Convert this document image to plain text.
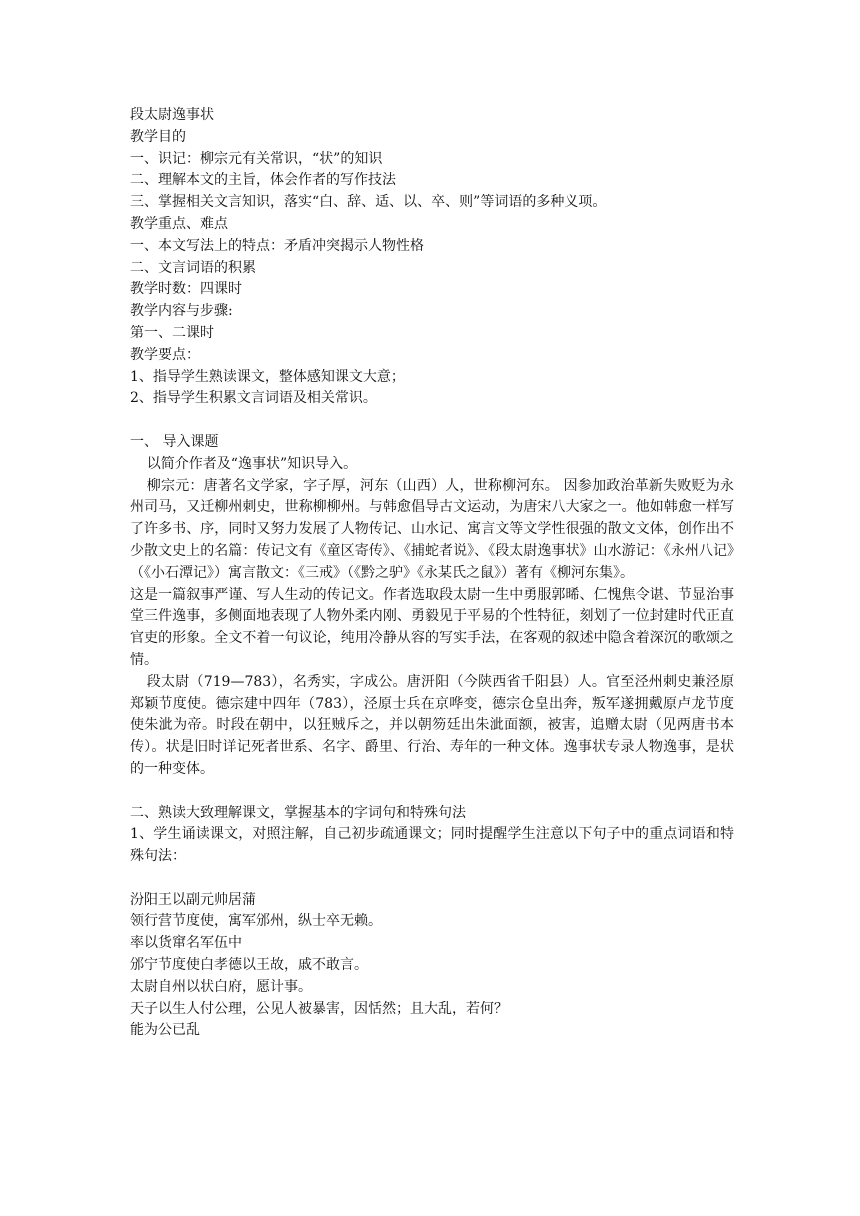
段太尉逸事状

教学目的

一、识记：柳宗元有关常识，“状”的知识

二、理解本文的主旨，体会作者的写作技法

三、掌握相关文言知识，落实“白、辞、适、以、卒、则”等词语的多种义项。

教学重点、难点

一、本文写法上的特点：矛盾冲突揭示人物性格

二、文言词语的积累

教学时数：四课时

教学内容与步骤:

第一、二课时

教学要点：

1、指导学生熟读课文，整体感知课文大意；

2、指导学生积累文言词语及相关常识。

一、 导入课题

以简介作者及“逸事状”知识导入。

柳宗元：唐著名文学家，字子厚，河东（山西）人，世称柳河东。 因参加政治革新失败贬为永州司马，又迁柳州刺史，世称柳柳州。与韩愈倡导古文运动，为唐宋八大家之一。他如韩愈一样写了许多书、序，同时又努力发展了人物传记、山水记、寓言文等文学性很强的散文文体，创作出不少散文史上的名篇：传记文有《童区寄传》、《捕蛇者说》、《段太尉逸事状》山水游记：《永州八记》（《小石潭记》）寓言散文：《三戒》（《黔之驴》《永某氏之鼠》）著有《柳河东集》。

这是一篇叙事严谨、写人生动的传记文。作者选取段太尉一生中勇服郭晞、仁愧焦令谌、节显治事堂三件逸事，多侧面地表现了人物外柔内刚、勇毅见于平易的个性特征，刻划了一位封建时代正直官吏的形象。全文不着一句议论，纯用冷静从容的写实手法，在客观的叙述中隐含着深沉的歌颂之情。

段太尉（719—783），名秀实，字成公。唐汧阳（今陕西省千阳县）人。官至泾州刺史兼泾原郑颖节度使。德宗建中四年（783），泾原士兵在京哗变，德宗仓皇出奔，叛军遂拥戴原卢龙节度使朱泚为帝。时段在朝中，以狂贼斥之，并以朝笏廷出朱泚面额，被害，追赠太尉（见两唐书本传）。状是旧时详记死者世系、名字、爵里、行治、寿年的一种文体。逸事状专录人物逸事，是状的一种变体。

二、熟读大致理解课文，掌握基本的字词句和特殊句法

1、学生诵读课文，对照注解，自己初步疏通课文；同时提醒学生注意以下句子中的重点词语和特殊句法：

汾阳王以副元帅居蒲

领行营节度使，寓军邠州，纵士卒无赖。

率以货窜名军伍中

邠宁节度使白孝德以王故，戚不敢言。

太尉自州以状白府，愿计事。

天子以生人付公理，公见人被暴害，因恬然；且大乱，若何？

能为公已乱
